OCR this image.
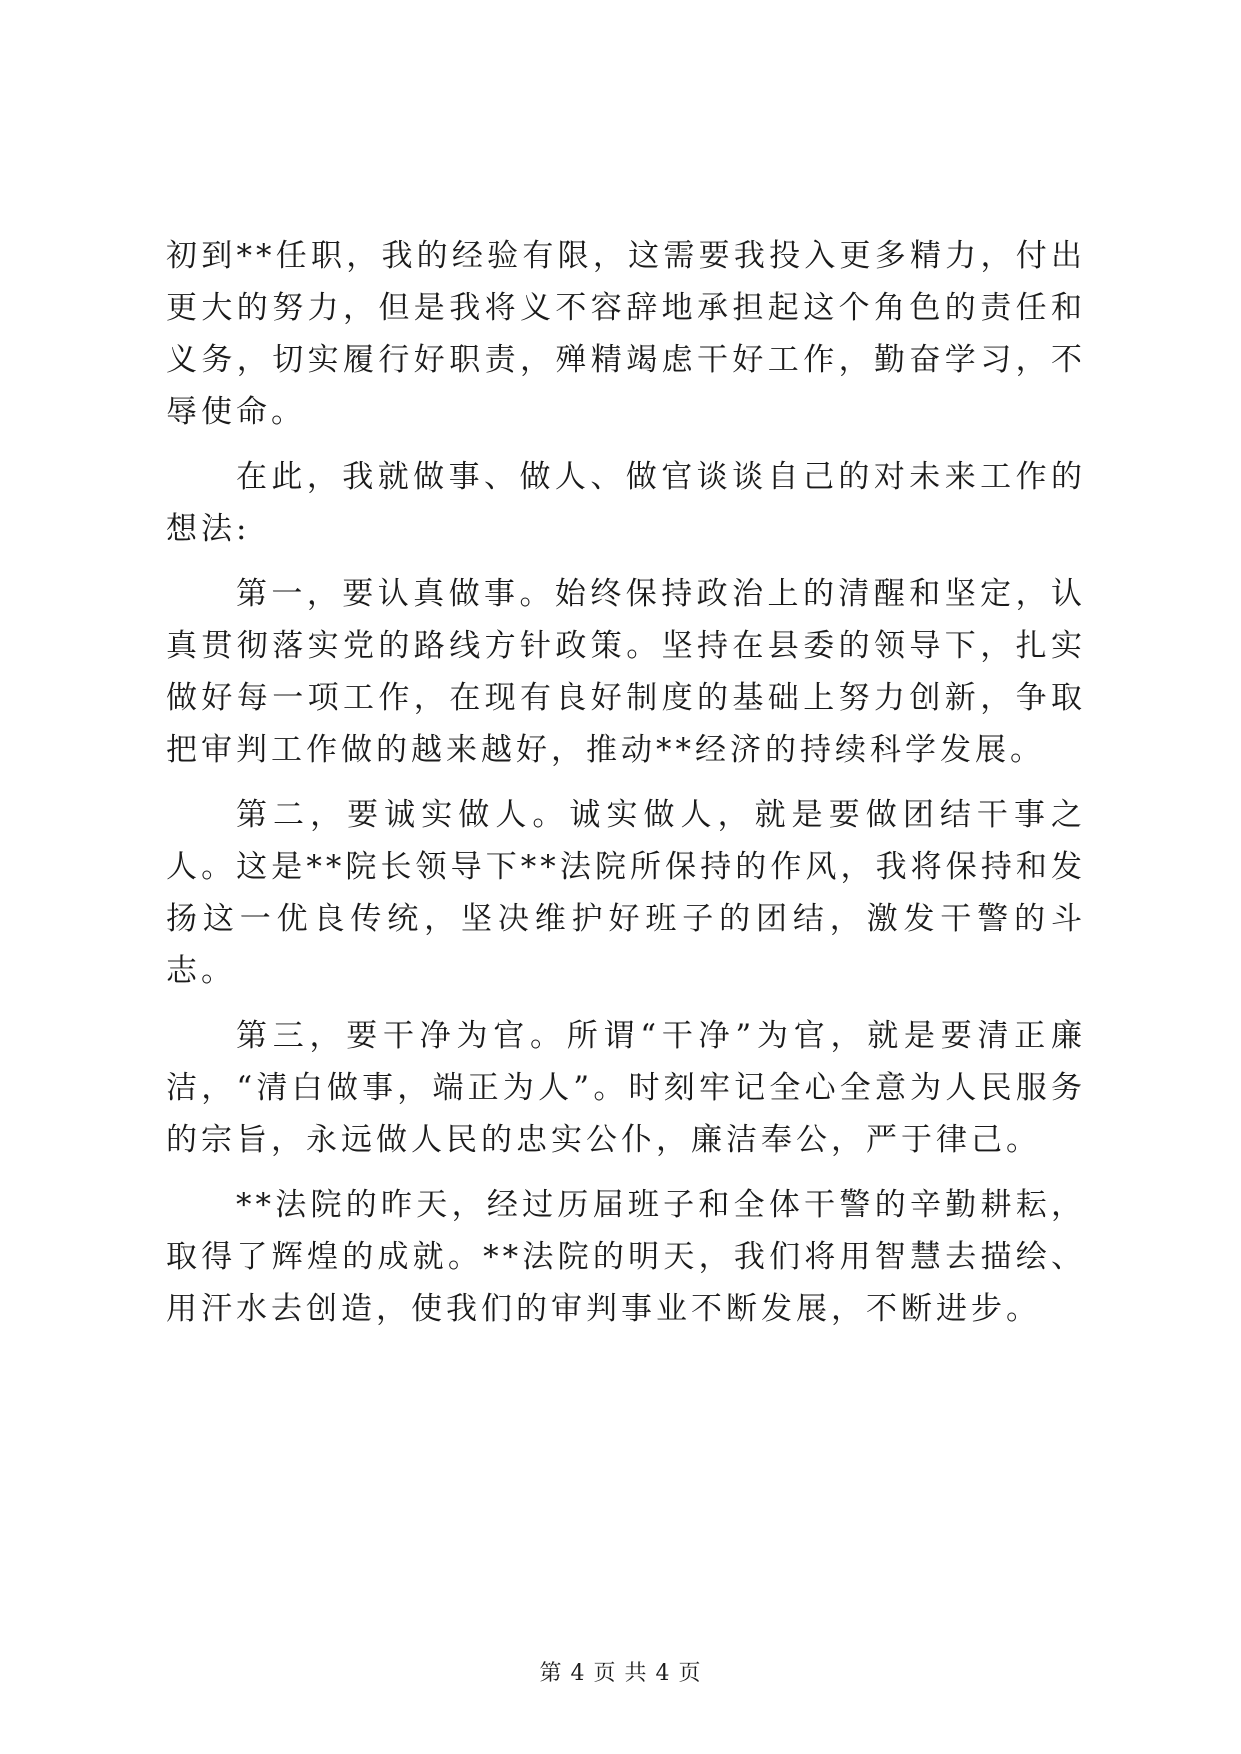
初到**任职，我的经验有限，这需要我投入更多精力，付出更大的努力，但是我将义不容辞地承担起这个角色的责任和义务，切实履行好职责，殚精竭虑干好工作，勤奋学习，不辱使命。

在此，我就做事、做人、做官谈谈自己的对未来工作的想法:

第一，要认真做事。始终保持政治上的清醒和坚定，认真贯彻落实党的路线方针政策。坚持在县委的领导下，扎实做好每一项工作，在现有良好制度的基础上努力创新，争取把审判工作做的越来越好，推动**经济的持续科学发展。

第二，要诚实做人。诚实做人，就是要做团结干事之人。这是**院长领导下**法院所保持的作风，我将保持和发扬这一优良传统，坚决维护好班子的团结，激发干警的斗志。

第三，要干净为官。所谓“干净”为官，就是要清正廉洁，“清白做事，端正为人”。时刻牢记全心全意为人民服务的宗旨，永远做人民的忠实公仆，廉洁奉公，严于律己。

**法院的昨天，经过历届班子和全体干警的辛勤耕耘，取得了辉煌的成就。**法院的明天，我们将用智慧去描绘、用汗水去创造，使我们的审判事业不断发展，不断进步。

第 4 页 共 4 页
